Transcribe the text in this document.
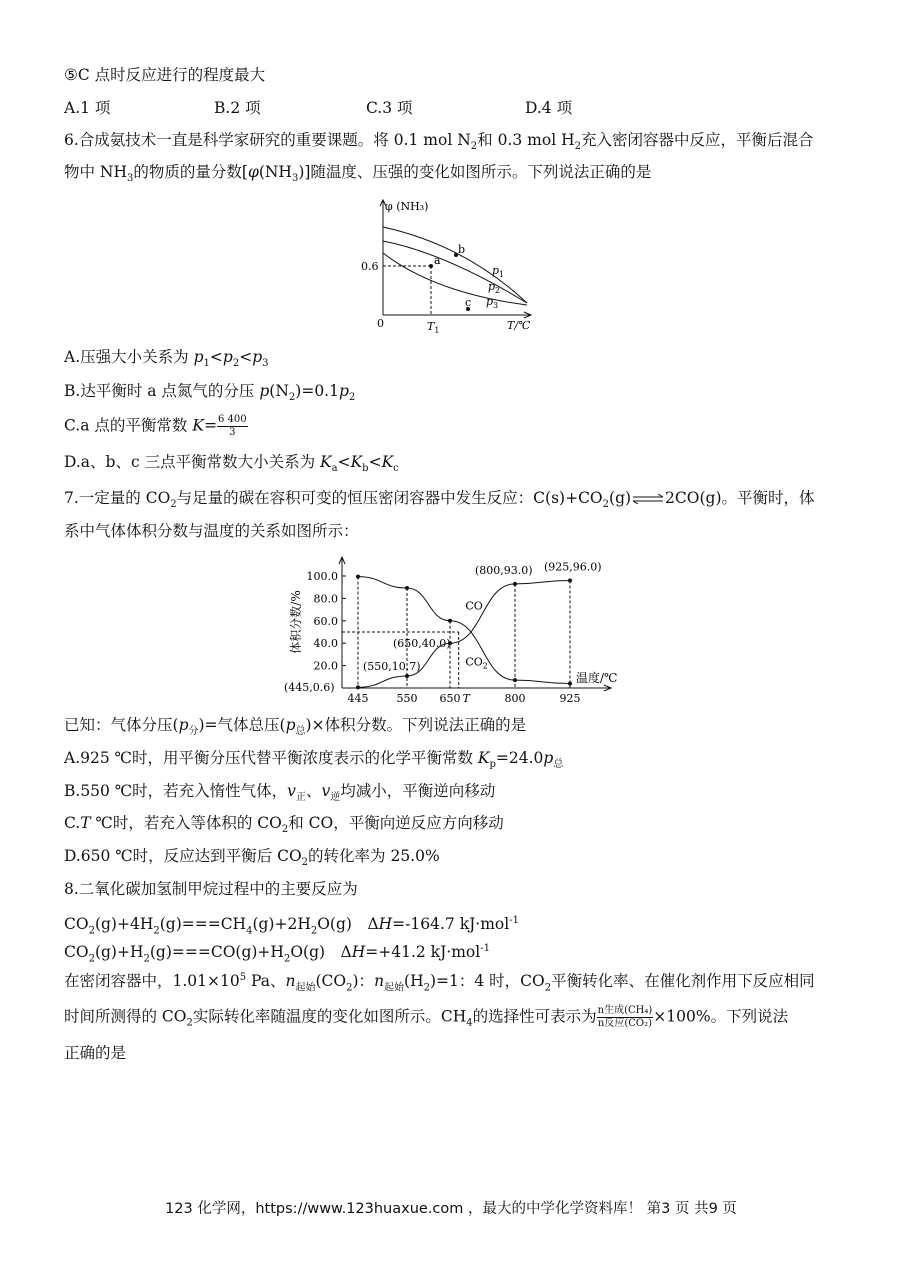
⑤C 点时反应进行的程度最大
A.1 项	B.2 项	C.3 项	D.4 项
6.合成氨技术一直是科学家研究的重要课题。将 0.1 mol $N_2$和 0.3 mol $H_2$充入密闭容器中反应，平衡后混合
物中 $NH_3$的物质的量分数$[\varphi(NH_3)]$随温度、压强的变化如图所示。下列说法正确的是
φ (NH₃)
0.6
0	$T_1$	T/℃
a
b
c
$p_1$
$p_2$
$p_3$
A.压强大小关系为 $p_1<p_2<p_3$
B.达平衡时 a 点氮气的分压 $p(N_2)=0.1p_2$
C.a 点的平衡常数 $K= \frac{6 400}{3}$
D.a、b、c 三点平衡常数大小关系为 $K_a<K_b<K_c$
7.一定量的 $CO_2$与足量的碳在容积可变的恒压密闭容器中发生反应：$C(s)+CO_2(g)\rightleftharpoons 2CO(g)$。平衡时，体
系中气体体积分数与温度的关系如图所示：
20.0
40.0
60.0
80.0
100.0
445	550 650	800	925
T
体积分数/%
温度/℃
(445,0.6)
(550,10.7)
(650,40.0)
(800,93.0) (925,96.0)
CO
$CO_2$
已知：气体分压$(p_分)=$气体总压$(p_总)\times$体积分数。下列说法正确的是
A.925 ℃时，用平衡分压代替平衡浓度表示的化学平衡常数 $K_p=24.0p_总$
B.550 ℃时，若充入惰性气体，$v_正$、$v_逆$均减小，平衡逆向移动
C.T ℃时，若充入等体积的 $CO_2$和 CO，平衡向逆反应方向移动
D.650 ℃时，反应达到平衡后 $CO_2$的转化率为 25.0%
8.二氧化碳加氢制甲烷过程中的主要反应为
$CO_2(g)+4H_2(g)===CH_4(g)+2H_2O(g)$　ΔH=-164.7 kJ·mol$^{-1}$
$CO_2(g)+H_2(g)===CO(g)+H_2O(g)$　ΔH=+41.2 kJ·mol$^{-1}$
在密闭容器中，$1.01\times 10^5$ Pa、$n_{起始}(CO_2)$：$n_{起始}(H_2)=1$：4 时，$CO_2$平衡转化率、在催化剂作用下反应相同
时间所测得的 $CO_2$实际转化率随温度的变化如图所示。$CH_4$的选择性可表示为 $\frac{\text{n生成(CH₄)}}{\text{n反应(CO₂)}} \times 100\%$。下列说法
正确的是
123 化学网，https://www.123huaxue.com ，最大的中学化学资料库！ 第3 页 共9 页
